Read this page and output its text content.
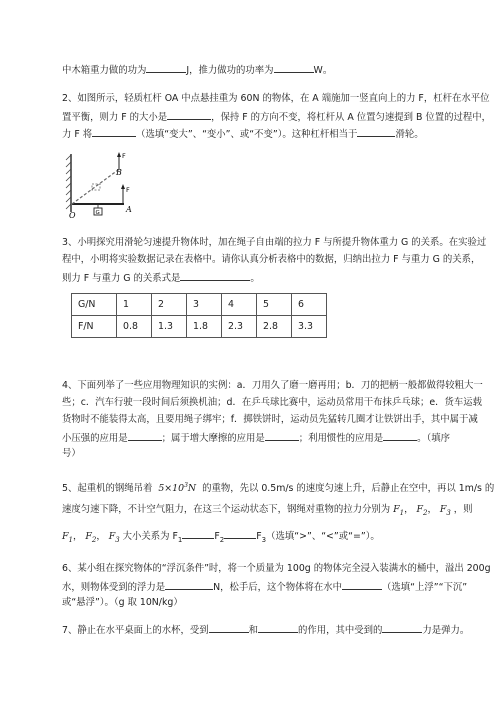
中木箱重力做的功为	J，推力做功的功率为	W。
2、如图所示，轻质杠杆 OA 中点悬挂重为 60N 的物体，在 A 端施加一竖直向上的力 F，杠杆在水平位
置平衡，则力 F 的大小是	，保持 F 的方向不变，将杠杆从 A 位置匀速提到 B 位置的过程中，
力 F 将	（选填“变大”、“变小”、或“不变”）。这种杠杆相当于	滑轮。
O
A
B
F
F
G
3、小明探究用滑轮匀速提升物体时，加在绳子自由端的拉力 F 与所提升物体重力 G 的关系。在实验过
程中，小明将实验数据记录在表格中。请你认真分析表格中的数据，归纳出拉力 F 与重力 G 的关系，
则力 F 与重力 G 的关系式是	。
G/N	1	2	3	4	5	6
F/N	0.8	1.3	1.8	2.3	2.8	3.3
4、下面列举了一些应用物理知识的实例：a．刀用久了磨一磨再用；b．刀的把柄一般都做得较粗大一
些；c．汽车行驶一段时间后须换机油；d．在乒乓球比赛中，运动员常用干布抹乒乓球；e．货车运载
货物时不能装得太高，且要用绳子绑牢；f．掷铁饼时，运动员先猛转几圈才让铁饼出手，其中属于减
小压强的应用是	；属于增大摩擦的应用是	；利用惯性的应用是	。（填序
号）
5、起重机的钢绳吊着 $5\times 10^3N$ 的重物，先以 0.5m/s 的速度匀速上升，后静止在空中，再以 1m/s 的
速度匀速下降，不计空气阻力，在这三个运动状态下，钢绳对重物的拉力分别为 $F_1$， $F_2$， $F_3$ ，则
$F_1$， $F_2$， $F_3$ 大小关系为 $F_1$	$F_2$	$F_3$（选填“>”、“<”或“=”）。
6、某小组在探究物体的“浮沉条件”时，将一个质量为 100g 的物体完全浸入装满水的桶中，溢出 200g
水，则物体受到的浮力是	N，松手后，这个物体将在水中	（选填“上浮”“下沉”
或“悬浮”）。（g 取 10N/kg）
7、静止在水平桌面上的水杯，受到	和	的作用，其中受到的	力是弹力。
